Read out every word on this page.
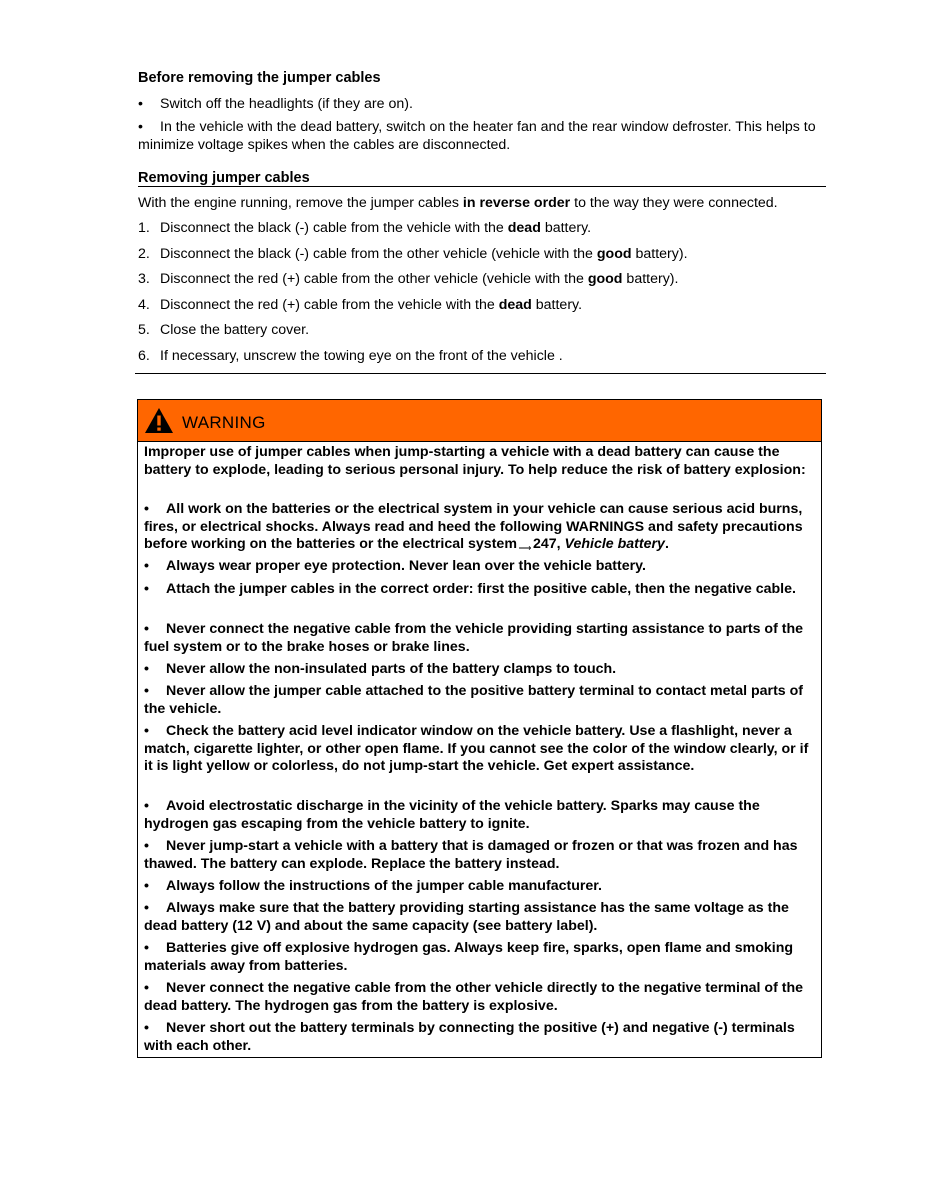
Before removing the jumper cables
• Switch off the headlights (if they are on).
• In the vehicle with the dead battery, switch on the heater fan and the rear window defroster. This helps to minimize voltage spikes when the cables are disconnected.
Removing jumper cables
With the engine running, remove the jumper cables in reverse order to the way they were connected.
1. Disconnect the black (-) cable from the vehicle with the dead battery.
2. Disconnect the black (-) cable from the other vehicle (vehicle with the good battery).
3. Disconnect the red (+) cable from the other vehicle (vehicle with the good battery).
4. Disconnect the red (+) cable from the vehicle with the dead battery.
5. Close the battery cover.
6. If necessary, unscrew the towing eye on the front of the vehicle .
WARNING
Improper use of jumper cables when jump-starting a vehicle with a dead battery can cause the battery to explode, leading to serious personal injury. To help reduce the risk of battery explosion:
• All work on the batteries or the electrical system in your vehicle can cause serious acid burns, fires, or electrical shocks. Always read and heed the following WARNINGS and safety precautions before working on the batteries or the electrical system ⟶ 247, Vehicle battery.
• Always wear proper eye protection. Never lean over the vehicle battery.
• Attach the jumper cables in the correct order: first the positive cable, then the negative cable.
• Never connect the negative cable from the vehicle providing starting assistance to parts of the fuel system or to the brake hoses or brake lines.
• Never allow the non-insulated parts of the battery clamps to touch.
• Never allow the jumper cable attached to the positive battery terminal to contact metal parts of the vehicle.
• Check the battery acid level indicator window on the vehicle battery. Use a flashlight, never a match, cigarette lighter, or other open flame. If you cannot see the color of the window clearly, or if it is light yellow or colorless, do not jump-start the vehicle. Get expert assistance.
• Avoid electrostatic discharge in the vicinity of the vehicle battery. Sparks may cause the hydrogen gas escaping from the vehicle battery to ignite.
• Never jump-start a vehicle with a battery that is damaged or frozen or that was frozen and has thawed. The battery can explode. Replace the battery instead.
• Always follow the instructions of the jumper cable manufacturer.
• Always make sure that the battery providing starting assistance has the same voltage as the dead battery (12 V) and about the same capacity (see battery label).
• Batteries give off explosive hydrogen gas. Always keep fire, sparks, open flame and smoking materials away from batteries.
• Never connect the negative cable from the other vehicle directly to the negative terminal of the dead battery. The hydrogen gas from the battery is explosive.
• Never short out the battery terminals by connecting the positive (+) and negative (-) terminals with each other.
